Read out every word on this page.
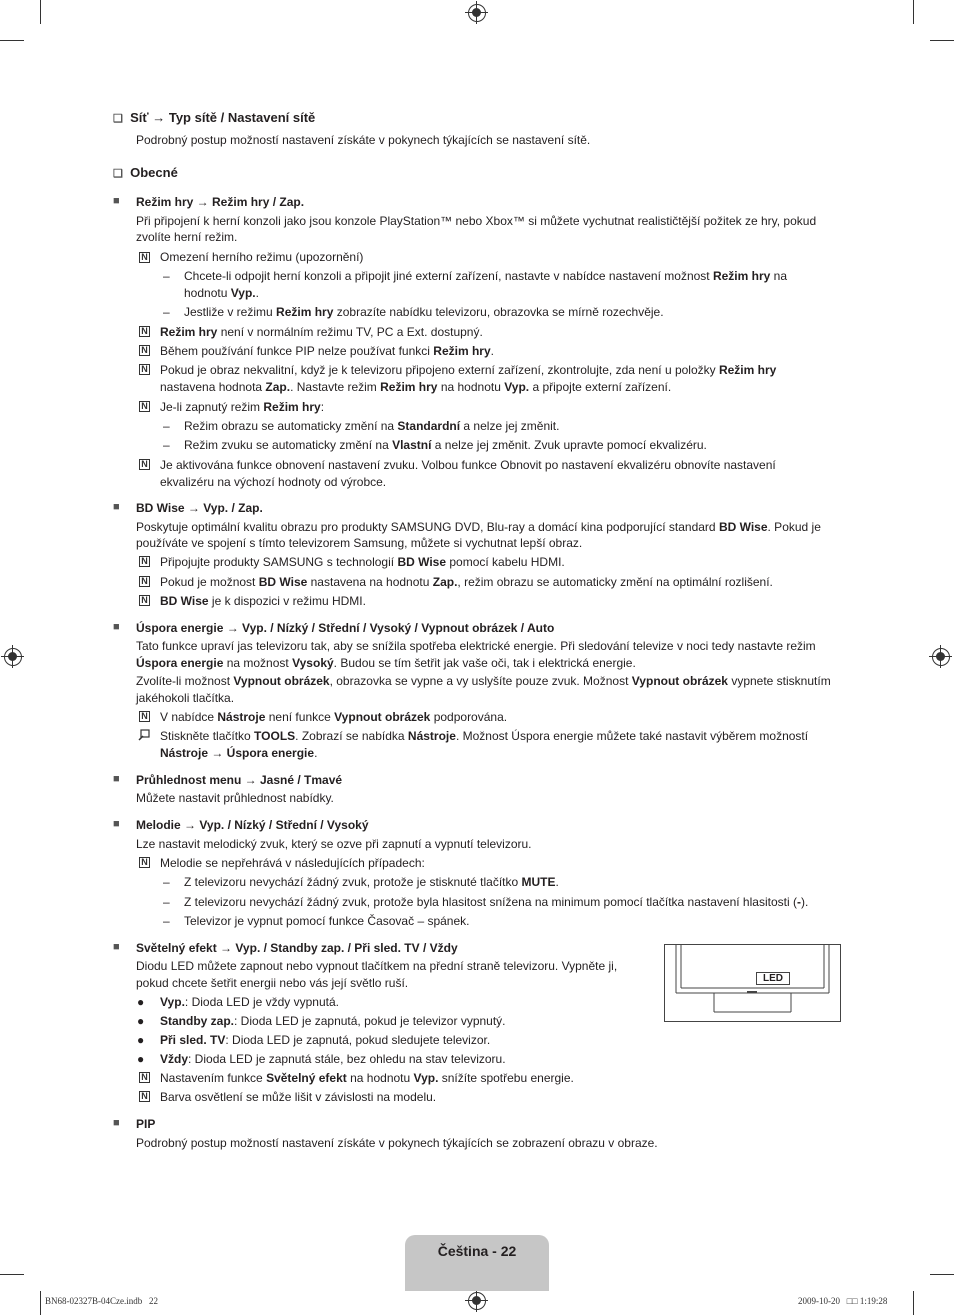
❑ Síť → Typ sítě / Nastavení sítě
Podrobný postup možností nastavení získáte v pokynech týkajících se nastavení sítě.
❑ Obecné
■ Režim hry → Režim hry / Zap.
Při připojení k herní konzoli jako jsou konzole PlayStation™ nebo Xbox™ si můžete vychutnat realističtější požitek ze hry, pokud
zvolíte herní režim.
N Omezení herního režimu (upozornění)
– Chcete-li odpojit herní konzoli a připojit jiné externí zařízení, nastavte v nabídce nastavení možnost Režim hry na
hodnotu Vyp..
– Jestliže v režimu Režim hry zobrazíte nabídku televizoru, obrazovka se mírně rozechvěje.
N Režim hry není v normálním režimu TV, PC a Ext. dostupný.
N Během používání funkce PIP nelze používat funkci Režim hry.
N Pokud je obraz nekvalitní, když je k televizoru připojeno externí zařízení, zkontrolujte, zda není u položky Režim hry
nastavena hodnota Zap.. Nastavte režim Režim hry na hodnotu Vyp. a připojte externí zařízení.
N Je-li zapnutý režim Režim hry:
– Režim obrazu se automaticky změní na Standardní a nelze jej změnit.
– Režim zvuku se automaticky změní na Vlastní a nelze jej změnit. Zvuk upravte pomocí ekvalizéru.
N Je aktivována funkce obnovení nastavení zvuku. Volbou funkce Obnovit po nastavení ekvalizéru obnovíte nastavení
ekvalizéru na výchozí hodnoty od výrobce.
■ BD Wise → Vyp. / Zap.
Poskytuje optimální kvalitu obrazu pro produkty SAMSUNG DVD, Blu-ray a domácí kina podporující standard BD Wise. Pokud je
používáte ve spojení s tímto televizorem Samsung, můžete si vychutnat lepší obraz.
N Připojujte produkty SAMSUNG s technologií BD Wise pomocí kabelu HDMI.
N Pokud je možnost BD Wise nastavena na hodnotu Zap., režim obrazu se automaticky změní na optimální rozlišení.
N BD Wise je k dispozici v režimu HDMI.
■ Úspora energie → Vyp. / Nízký / Střední / Vysoký / Vypnout obrázek / Auto
Tato funkce upraví jas televizoru tak, aby se snížila spotřeba elektrické energie. Při sledování televize v noci tedy nastavte režim
Úspora energie na možnost Vysoký. Budou se tím šetřit jak vaše oči, tak i elektrická energie.
Zvolíte-li možnost Vypnout obrázek, obrazovka se vypne a vy uslyšíte pouze zvuk. Možnost Vypnout obrázek vypnete stisknutím
jakéhokoli tlačítka.
N V nabídce Nástroje není funkce Vypnout obrázek podporována.
Stiskněte tlačítko TOOLS. Zobrazí se nabídka Nástroje. Možnost Úspora energie můžete také nastavit výběrem možností
Nástroje → Úspora energie.
■ Průhlednost menu → Jasné / Tmavé
Můžete nastavit průhlednost nabídky.
■ Melodie → Vyp. / Nízký / Střední / Vysoký
Lze nastavit melodický zvuk, který se ozve při zapnutí a vypnutí televizoru.
N Melodie se nepřehrává v následujících případech:
– Z televizoru nevychází žádný zvuk, protože je stisknuté tlačítko MUTE.
– Z televizoru nevychází žádný zvuk, protože byla hlasitost snížena na minimum pomocí tlačítka nastavení hlasitosti (-).
– Televizor je vypnut pomocí funkce Časovač – spánek.
■ Světelný efekt → Vyp. / Standby zap. / Při sled. TV / Vždy
Diodu LED můžete zapnout nebo vypnout tlačítkem na přední straně televizoru. Vypněte ji,
pokud chcete šetřit energii nebo vás její světlo ruší.
● Vyp.: Dioda LED je vždy vypnutá.
● Standby zap.: Dioda LED je zapnutá, pokud je televizor vypnutý.
● Při sled. TV: Dioda LED je zapnutá, pokud sledujete televizor.
● Vždy: Dioda LED je zapnutá stále, bez ohledu na stav televizoru.
N Nastavením funkce Světelný efekt na hodnotu Vyp. snížíte spotřebu energie.
N Barva osvětlení se může lišit v závislosti na modelu.
LED
■ PIP
Podrobný postup možností nastavení získáte v pokynech týkajících se zobrazení obrazu v obraze.
Čeština - 22
BN68-02327B-04Cze.indb   22	2009-10-20   □□ 1:19:28
